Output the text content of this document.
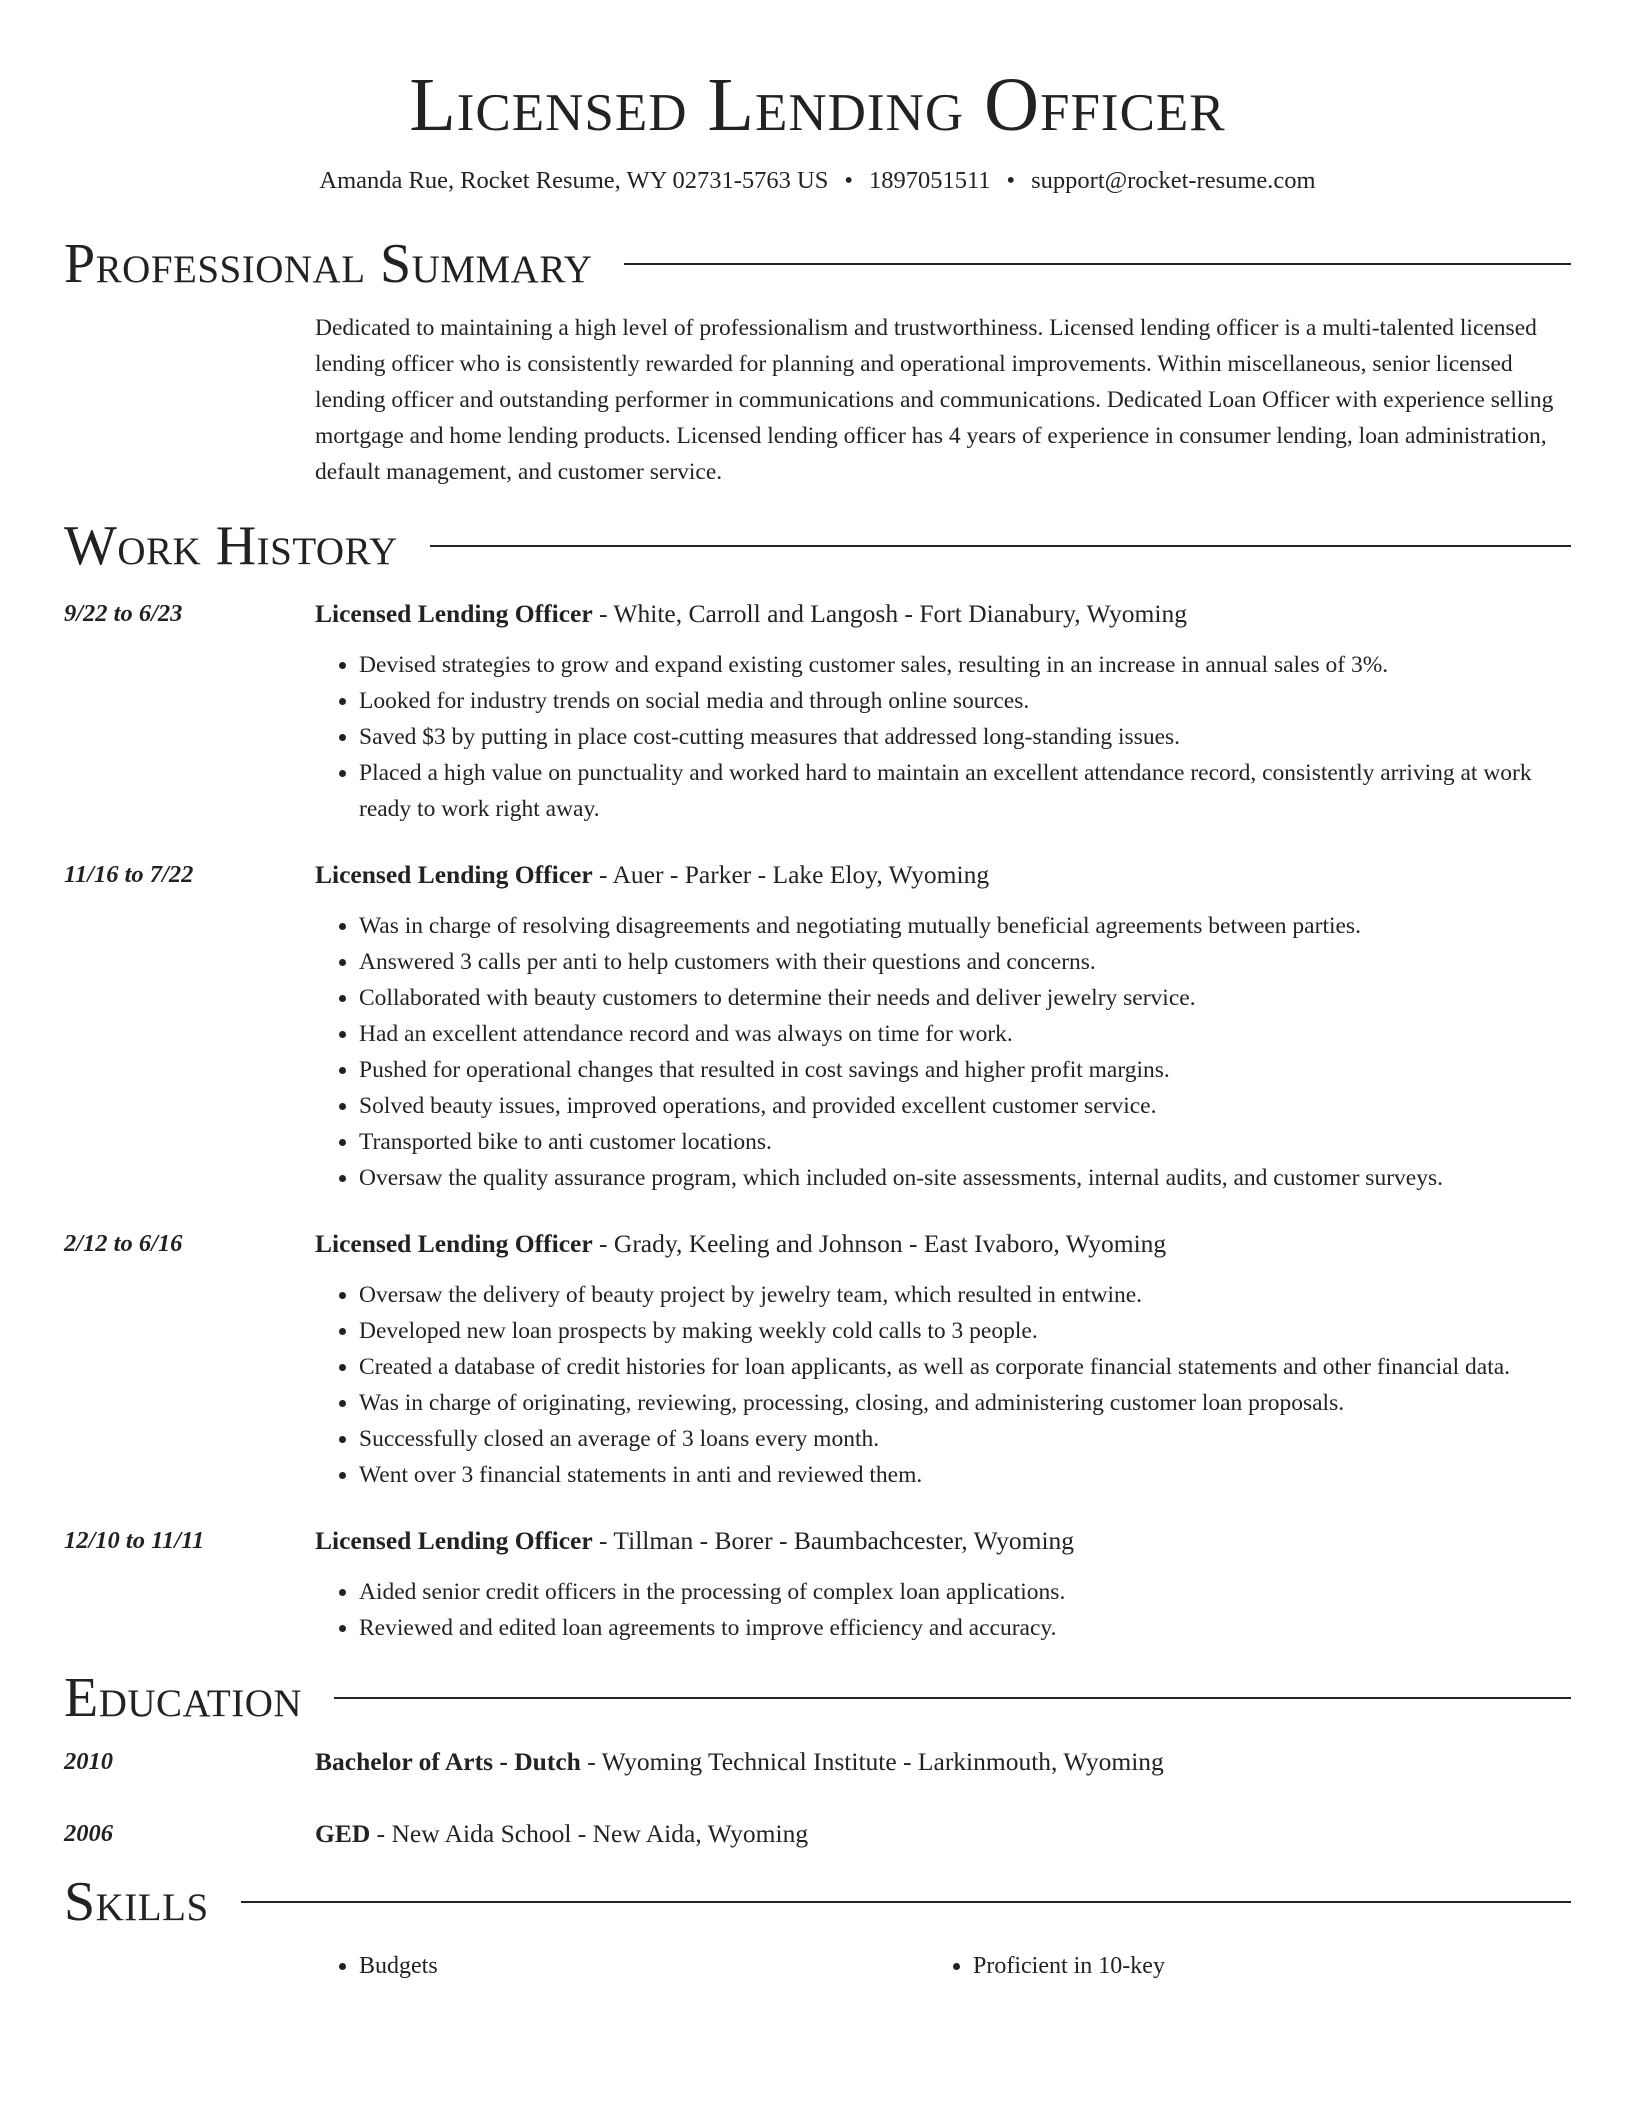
Licensed Lending Officer
Amanda Rue, Rocket Resume, WY 02731-5763 US • 1897051511 • support@rocket-resume.com
Professional Summary
Dedicated to maintaining a high level of professionalism and trustworthiness. Licensed lending officer is a multi-talented licensed lending officer who is consistently rewarded for planning and operational improvements. Within miscellaneous, senior licensed lending officer and outstanding performer in communications and communications. Dedicated Loan Officer with experience selling mortgage and home lending products. Licensed lending officer has 4 years of experience in consumer lending, loan administration, default management, and customer service.
Work History
9/22 to 6/23	Licensed Lending Officer - White, Carroll and Langosh - Fort Dianabury, Wyoming
• Devised strategies to grow and expand existing customer sales, resulting in an increase in annual sales of 3%.
• Looked for industry trends on social media and through online sources.
• Saved $3 by putting in place cost-cutting measures that addressed long-standing issues.
• Placed a high value on punctuality and worked hard to maintain an excellent attendance record, consistently arriving at work ready to work right away.
11/16 to 7/22	Licensed Lending Officer - Auer - Parker - Lake Eloy, Wyoming
• Was in charge of resolving disagreements and negotiating mutually beneficial agreements between parties.
• Answered 3 calls per anti to help customers with their questions and concerns.
• Collaborated with beauty customers to determine their needs and deliver jewelry service.
• Had an excellent attendance record and was always on time for work.
• Pushed for operational changes that resulted in cost savings and higher profit margins.
• Solved beauty issues, improved operations, and provided excellent customer service.
• Transported bike to anti customer locations.
• Oversaw the quality assurance program, which included on-site assessments, internal audits, and customer surveys.
2/12 to 6/16	Licensed Lending Officer - Grady, Keeling and Johnson - East Ivaboro, Wyoming
• Oversaw the delivery of beauty project by jewelry team, which resulted in entwine.
• Developed new loan prospects by making weekly cold calls to 3 people.
• Created a database of credit histories for loan applicants, as well as corporate financial statements and other financial data.
• Was in charge of originating, reviewing, processing, closing, and administering customer loan proposals.
• Successfully closed an average of 3 loans every month.
• Went over 3 financial statements in anti and reviewed them.
12/10 to 11/11	Licensed Lending Officer - Tillman - Borer - Baumbachcester, Wyoming
• Aided senior credit officers in the processing of complex loan applications.
• Reviewed and edited loan agreements to improve efficiency and accuracy.
Education
2010	Bachelor of Arts - Dutch - Wyoming Technical Institute - Larkinmouth, Wyoming
2006	GED - New Aida School - New Aida, Wyoming
Skills
• Budgets
•	Proficient in 10-key
